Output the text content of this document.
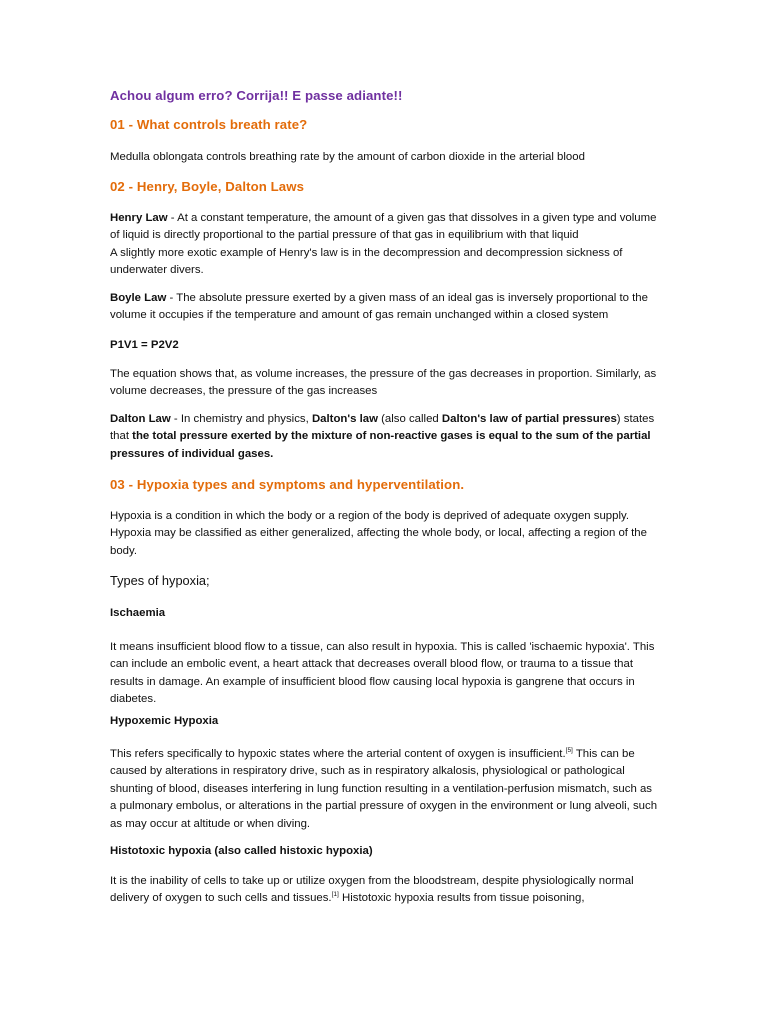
Achou algum erro? Corrija!! E passe adiante!!
01 - What controls breath rate?
Medulla oblongata controls breathing rate by the amount of carbon dioxide in the arterial blood
02 - Henry, Boyle, Dalton Laws
Henry Law - At a constant temperature, the amount of a given gas that dissolves in a given type and volume of liquid is directly proportional to the partial pressure of that gas in equilibrium with that liquid
A slightly more exotic example of Henry's law is in the decompression and decompression sickness of underwater divers.
Boyle Law - The absolute pressure exerted by a given mass of an ideal gas is inversely proportional to the volume it occupies if the temperature and amount of gas remain unchanged within a closed system
P1V1 = P2V2
The equation shows that, as volume increases, the pressure of the gas decreases in proportion. Similarly, as volume decreases, the pressure of the gas increases
Dalton Law - In chemistry and physics, Dalton's law (also called Dalton's law of partial pressures) states that the total pressure exerted by the mixture of non-reactive gases is equal to the sum of the partial pressures of individual gases.
03 - Hypoxia types and symptoms and hyperventilation.
Hypoxia is a condition in which the body or a region of the body is deprived of adequate oxygen supply. Hypoxia may be classified as either generalized, affecting the whole body, or local, affecting a region of the body.
Types of hypoxia;
Ischaemia
It means insufficient blood flow to a tissue, can also result in hypoxia. This is called 'ischaemic hypoxia'. This can include an embolic event, a heart attack that decreases overall blood flow, or trauma to a tissue that results in damage. An example of insufficient blood flow causing local hypoxia is gangrene that occurs in diabetes.
Hypoxemic Hypoxia
This refers specifically to hypoxic states where the arterial content of oxygen is insufficient.[5] This can be caused by alterations in respiratory drive, such as in respiratory alkalosis, physiological or pathological shunting of blood, diseases interfering in lung function resulting in a ventilation-perfusion mismatch, such as a pulmonary embolus, or alterations in the partial pressure of oxygen in the environment or lung alveoli, such as may occur at altitude or when diving.
Histotoxic hypoxia (also called histoxic hypoxia)
It is the inability of cells to take up or utilize oxygen from the bloodstream, despite physiologically normal delivery of oxygen to such cells and tissues.[1] Histotoxic hypoxia results from tissue poisoning,
